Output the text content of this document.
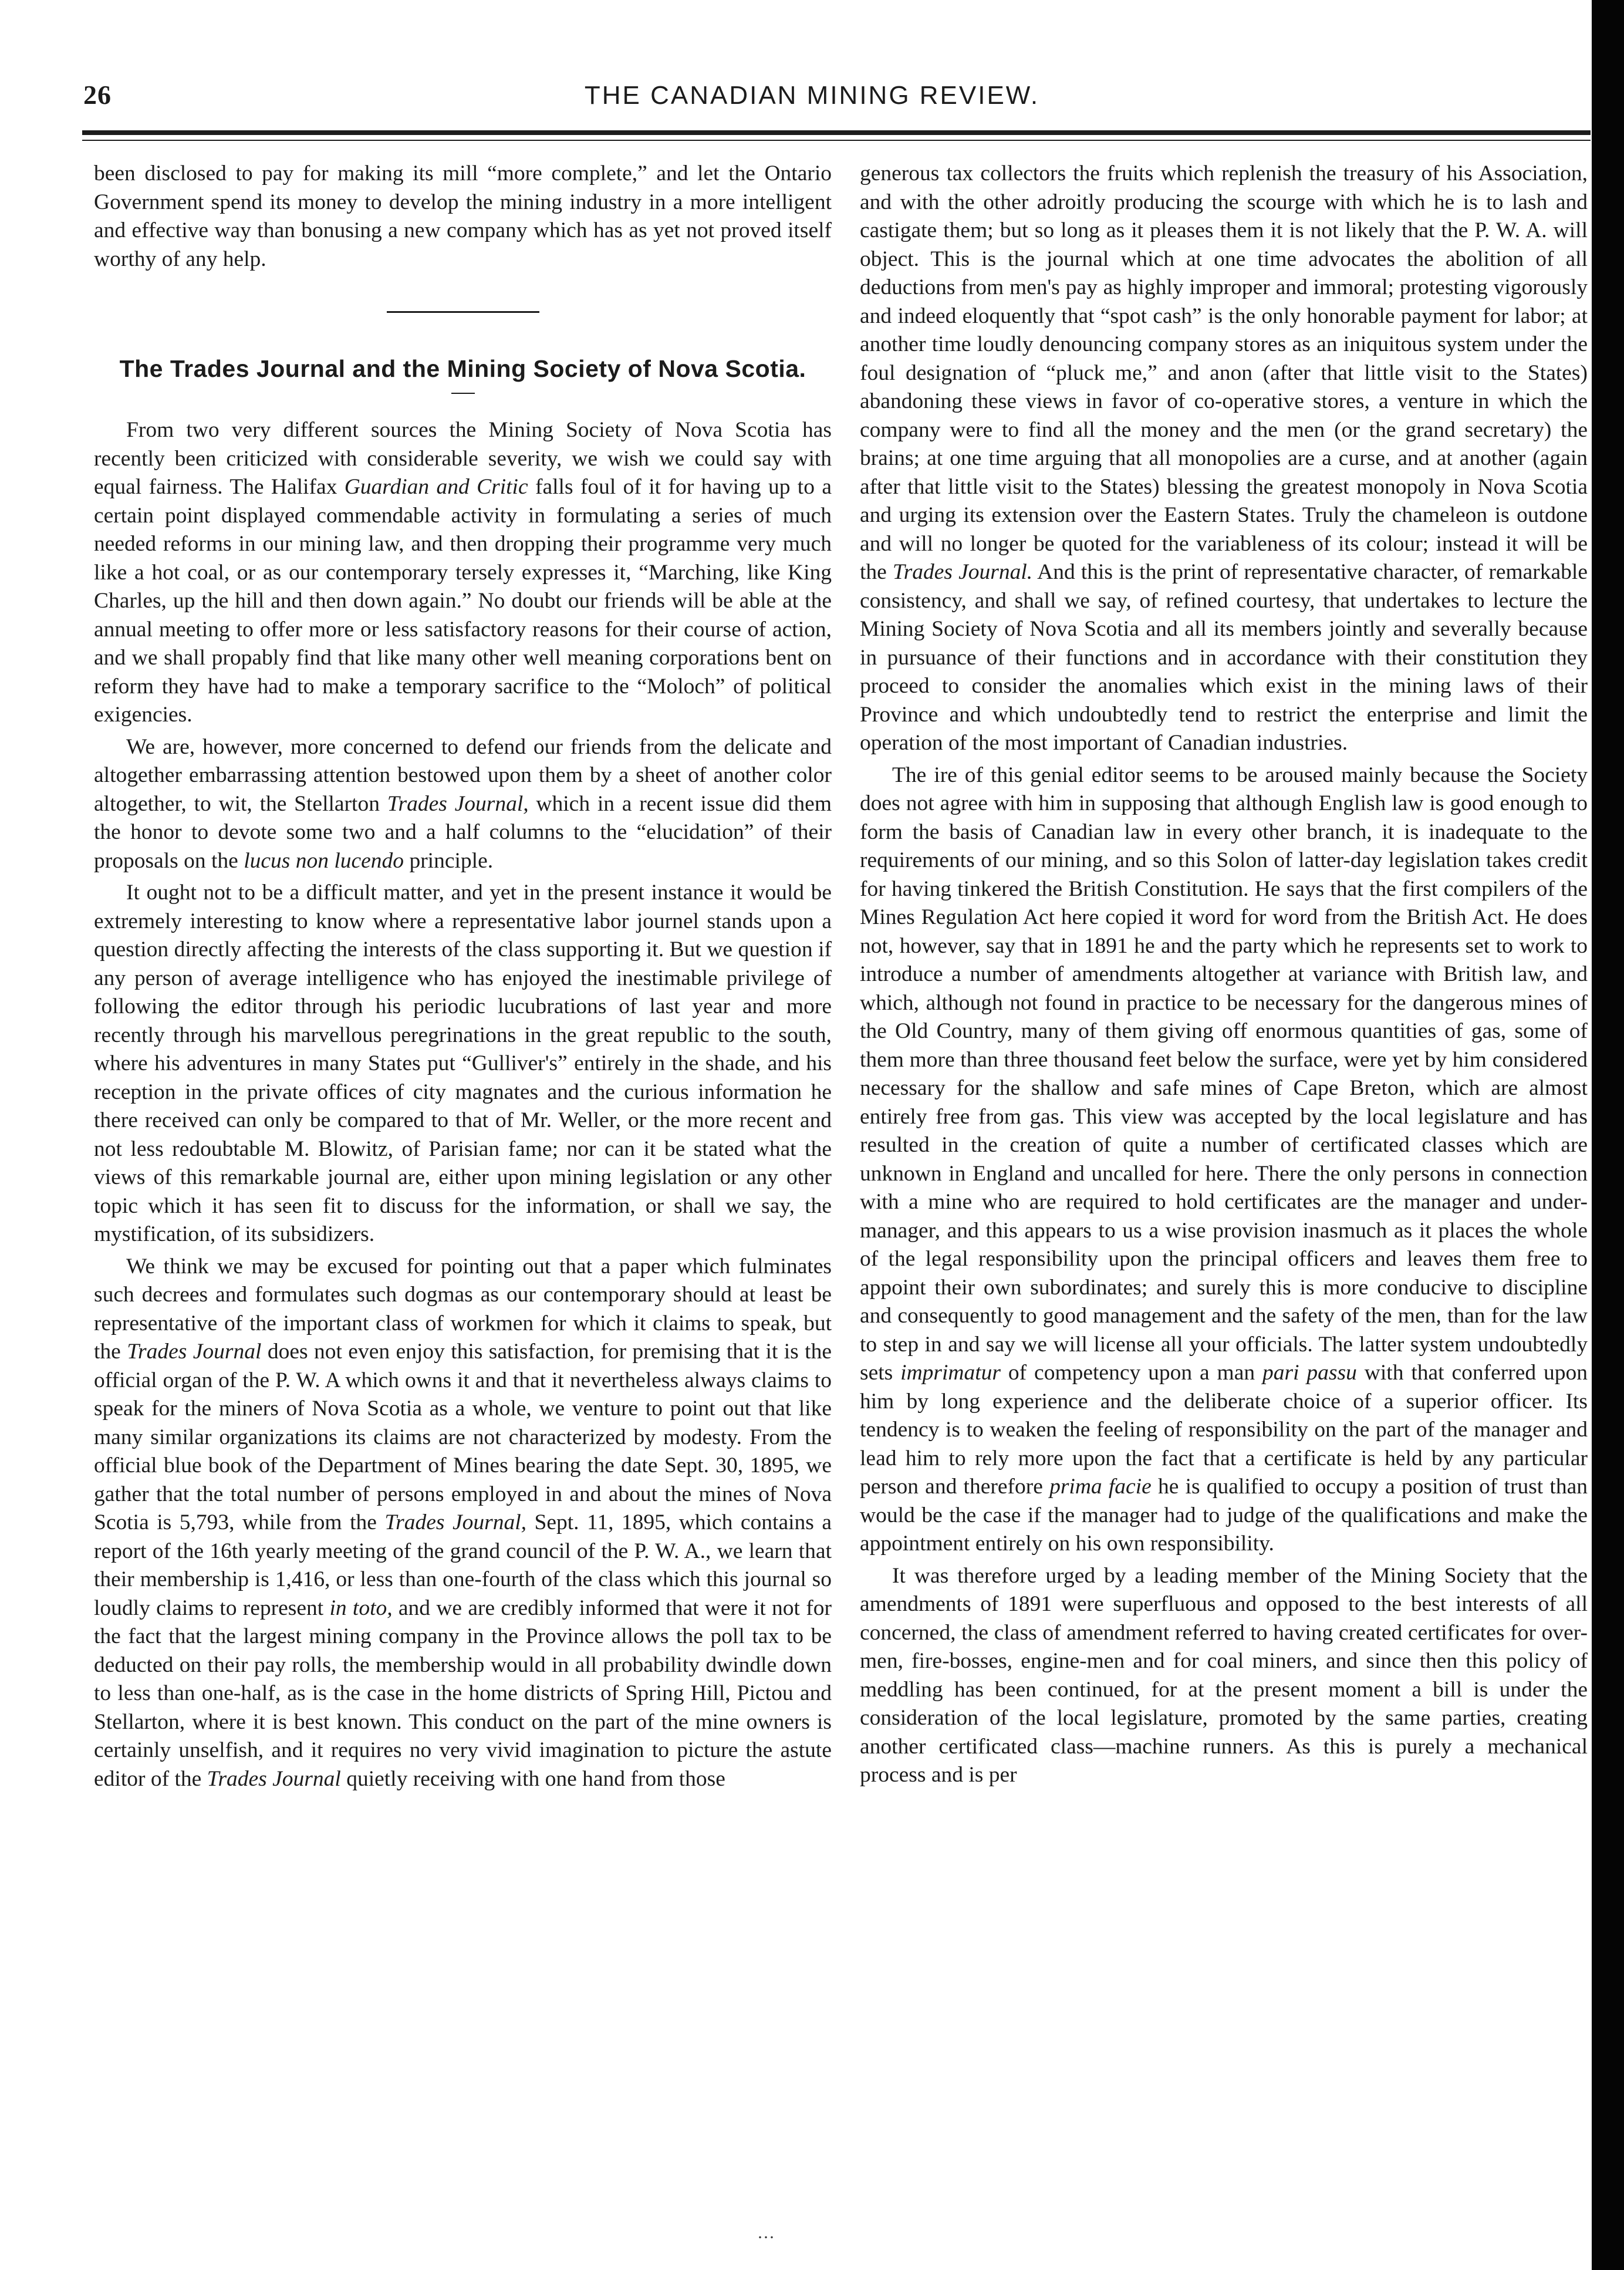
26	THE CANADIAN MINING REVIEW.

been disclosed to pay for making its mill “more complete,” and let the Ontario Government spend its money to develop the mining industry in a more intelligent and effective way than bonusing a new company which has as yet not proved itself worthy of any help.

The Trades Journal and the Mining Society of Nova Scotia.

From two very different sources the Mining Society of Nova Scotia has recently been criticized with considerable severity, we wish we could say with equal fairness. The Halifax Guardian and Critic falls foul of it for having up to a certain point displayed commendable activity in formulating a series of much needed reforms in our mining law, and then dropping their programme very much like a hot coal, or as our contemporary tersely expresses it, “Marching, like King Charles, up the hill and then down again.” No doubt our friends will be able at the annual meeting to offer more or less satisfactory reasons for their course of action, and we shall propably find that like many other well meaning corporations bent on reform they have had to make a temporary sacrifice to the “Moloch” of political exigencies.

We are, however, more concerned to defend our friends from the delicate and altogether embarrassing attention bestowed upon them by a sheet of another color altogether, to wit, the Stellarton Trades Journal, which in a recent issue did them the honor to devote some two and a half columns to the “elucidation” of their proposals on the lucus non lucendo principle.

It ought not to be a difficult matter, and yet in the present instance it would be extremely interesting to know where a representative labor journel stands upon a question directly affecting the interests of the class supporting it. But we question if any person of average intelligence who has enjoyed the inestimable privilege of following the editor through his periodic lucubrations of last year and more recently through his marvellous peregrinations in the great republic to the south, where his adventures in many States put “Gulliver's” entirely in the shade, and his reception in the private offices of city magnates and the curious information he there received can only be compared to that of Mr. Weller, or the more recent and not less redoubtable M. Blowitz, of Parisian fame; nor can it be stated what the views of this remarkable journal are, either upon mining legislation or any other topic which it has seen fit to discuss for the information, or shall we say, the mystification, of its subsidizers.

We think we may be excused for pointing out that a paper which fulminates such decrees and formulates such dogmas as our contemporary should at least be representative of the important class of workmen for which it claims to speak, but the Trades Journal does not even enjoy this satisfaction, for premising that it is the official organ of the P. W. A which owns it and that it nevertheless always claims to speak for the miners of Nova Scotia as a whole, we venture to point out that like many similar organizations its claims are not characterized by modesty. From the official blue book of the Department of Mines bearing the date Sept. 30, 1895, we gather that the total number of persons employed in and about the mines of Nova Scotia is 5,793, while from the Trades Journal, Sept. 11, 1895, which contains a report of the 16th yearly meeting of the grand council of the P. W. A., we learn that their membership is 1,416, or less than one-fourth of the class which this journal so loudly claims to represent in toto, and we are credibly informed that were it not for the fact that the largest mining company in the Province allows the poll tax to be deducted on their pay rolls, the membership would in all probability dwindle down to less than one-half, as is the case in the home districts of Spring Hill, Pictou and Stellarton, where it is best known. This conduct on the part of the mine owners is certainly unselfish, and it requires no very vivid imagination to picture the astute editor of the Trades Journal quietly receiving with one hand from those

generous tax collectors the fruits which replenish the treasury of his Association, and with the other adroitly producing the scourge with which he is to lash and castigate them; but so long as it pleases them it is not likely that the P. W. A. will object. This is the journal which at one time advocates the abolition of all deductions from men's pay as highly improper and immoral; protesting vigorously and indeed eloquently that “spot cash” is the only honorable payment for labor; at another time loudly denouncing company stores as an iniquitous system under the foul designation of “pluck me,” and anon (after that little visit to the States) abandoning these views in favor of co-operative stores, a venture in which the company were to find all the money and the men (or the grand secretary) the brains; at one time arguing that all monopolies are a curse, and at another (again after that little visit to the States) blessing the greatest monopoly in Nova Scotia and urging its extension over the Eastern States. Truly the chameleon is outdone and will no longer be quoted for the variableness of its colour; instead it will be the Trades Journal. And this is the print of representative character, of remarkable consistency, and shall we say, of refined courtesy, that undertakes to lecture the Mining Society of Nova Scotia and all its members jointly and severally because in pursuance of their functions and in accordance with their constitution they proceed to consider the anomalies which exist in the mining laws of their Province and which undoubtedly tend to restrict the enterprise and limit the operation of the most important of Canadian industries.

The ire of this genial editor seems to be aroused mainly because the Society does not agree with him in supposing that although English law is good enough to form the basis of Canadian law in every other branch, it is inadequate to the requirements of our mining, and so this Solon of latter-day legislation takes credit for having tinkered the British Constitution. He says that the first compilers of the Mines Regulation Act here copied it word for word from the British Act. He does not, however, say that in 1891 he and the party which he represents set to work to introduce a number of amendments altogether at variance with British law, and which, although not found in practice to be necessary for the dangerous mines of the Old Country, many of them giving off enormous quantities of gas, some of them more than three thousand feet below the surface, were yet by him considered necessary for the shallow and safe mines of Cape Breton, which are almost entirely free from gas. This view was accepted by the local legislature and has resulted in the creation of quite a number of certificated classes which are unknown in England and uncalled for here. There the only persons in connection with a mine who are required to hold certificates are the manager and under-manager, and this appears to us a wise provision inasmuch as it places the whole of the legal responsibility upon the principal officers and leaves them free to appoint their own subordinates; and surely this is more conducive to discipline and consequently to good management and the safety of the men, than for the law to step in and say we will license all your officials. The latter system undoubtedly sets imprimatur of competency upon a man pari passu with that conferred upon him by long experience and the deliberate choice of a superior officer. Its tendency is to weaken the feeling of responsibility on the part of the manager and lead him to rely more upon the fact that a certificate is held by any particular person and therefore prima facie he is qualified to occupy a position of trust than would be the case if the manager had to judge of the qualifications and make the appointment entirely on his own responsibility.

It was therefore urged by a leading member of the Mining Society that the amendments of 1891 were superfluous and opposed to the best interests of all concerned, the class of amendment referred to having created certificates for over-men, fire-bosses, engine-men and for coal miners, and since then this policy of meddling has been continued, for at the present moment a bill is under the consideration of the local legislature, promoted by the same parties, creating another certificated class—machine runners. As this is purely a mechanical process and is per

···
